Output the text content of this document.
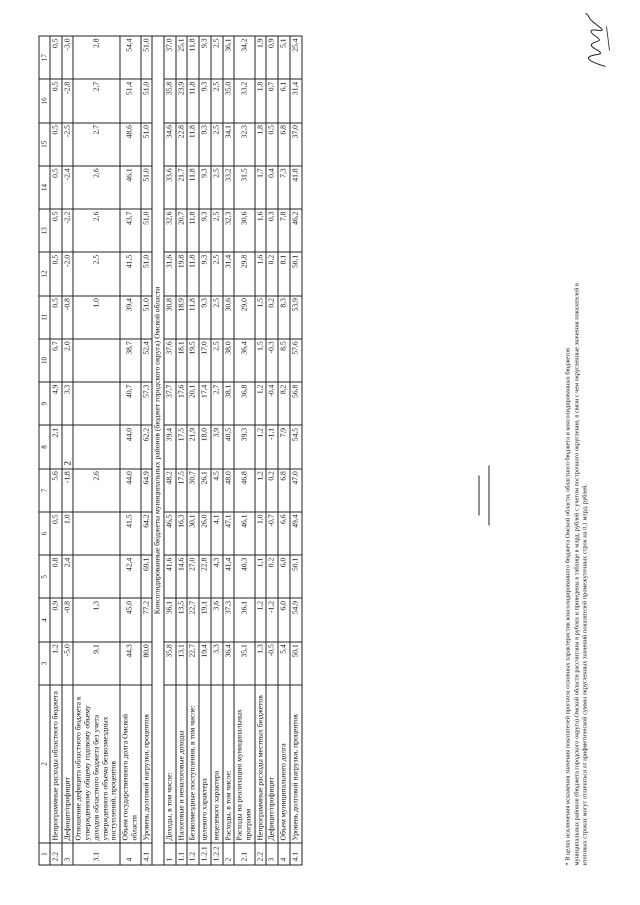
2
1	2	3	4	5	6	7	8	9	10	11	12	13	14	15	16	17
2.2	Непрограммные расходы областного бюджета	1,2	0,9	0,8	0,5	5,6	2,1	4,9	6,7	0,5	0,5	0,5	0,5	0,5	0,5	0,5
3	Дефицит/профицит	-5,0	-0,8	2,4	1,0	-1,8		3,3	2,0	-0,8	-2,0	-2,2	-2,4	-2,5	-2,8	-3,0
3.1	Отношение дефицита областного бюджета к утвержденному общему годовому объему доходов областного бюджета без учета утвержденного объема безвозмездных поступлений, процентов	9,1	1,3			2,6				1,0	2,5	2,6	2,6	2,7	2,7	2,8
4	Объем государственного долга Омской области	44,3	45,0	42,4	41,5	44,0	44,0	40,7	38,7	39,4	41,5	43,7	46,1	48,6	51,4	54,4
4.1	Уровень долговой нагрузки, процентов	80,0	77,2	69,1	64,2	64,9	62,2	57,3	52,4	51,0	51,0	51,0	51,0	51,0	51,0	51,0
Консолидированные бюджеты муниципальных районов (бюджет городского округа) Омской области																
1	Доходы, в том числе:	35,8	36,1	41,6	46,5	48,2	39,4	37,7	37,6	30,8	31,6	32,6	33,6	34,6	35,8	37,0
1.1	Налоговые и неналоговые доходы	13,1	13,5	14,6	16,3	17,5	17,5	17,6	18,1	18,9	19,8	20,7	21,7	22,8	23,9	25,1
1.2	Безвозмездные поступления, в том числе:	22,7	22,7	27,0	30,1	30,7	21,9	20,1	19,5	11,8	11,8	11,8	11,8	11,8	11,8	11,8
1.2.1	целевого характера	19,4	19,1	22,8	26,0	26,1	18,0	17,4	17,0	9,3	9,3	9,3	9,3	9,3	9,3	9,3
1.2.2	нецелевого характера	3,3	3,6	4,3	4,1	4,5	3,9	2,7	2,5	2,5	2,5	2,5	2,5	2,5	2,5	2,5
2	Расходы, в том числе:	36,4	37,3	41,4	47,1	48,0	40,5	38,1	38,0	30,6	31,4	32,3	33,2	34,1	35,0	36,1
2.1	Расходы на реализацию муниципальных программ	35,1	36,1	40,3	46,1	46,8	39,3	36,8	36,4	29,0	29,8	30,6	31,5	32,3	33,2	34,2
2.2	Непрограммные расходы местных бюджетов	1,3	1,2	1,1	1,0	1,2	1,2	1,2	1,5	1,5	1,6	1,6	1,7	1,8	1,8	1,9
3	Дефицит/профицит	-0,5	-1,2	0,2	-0,7	0,2	-1,1	-0,4	-0,3	0,2	0,2	0,3	0,4	0,5	0,7	0,9
4	Объем муниципального долга	5,4	6,0	6,0	6,6	6,8	7,9	8,2	8,5	8,3	8,1	7,8	7,3	6,8	6,1	5,1
4.1	Уровень долговой нагрузки, процентов	50,1	54,9	50,1	49,4	47,0	54,5	56,8	57,6	53,9	50,1	46,2	41,8	37,0	31,4	25,4
* В целях исключения искажения значения показателей прогноза основных характеристик консолидированного бюджета Омской области, областного бюджета и консолидированных бюджетов муниципальных районов (бюджета городского округа) Омской области рассчитаны в рублях и приведены в таблице в млрд. рублей с учетом построчного округления, в связи с чем округленные значения показателей в итоговых строках могут отличаться от арифметической суммы округленных значений показателей промежуточных строк на 0,1 млрд. рублей.
